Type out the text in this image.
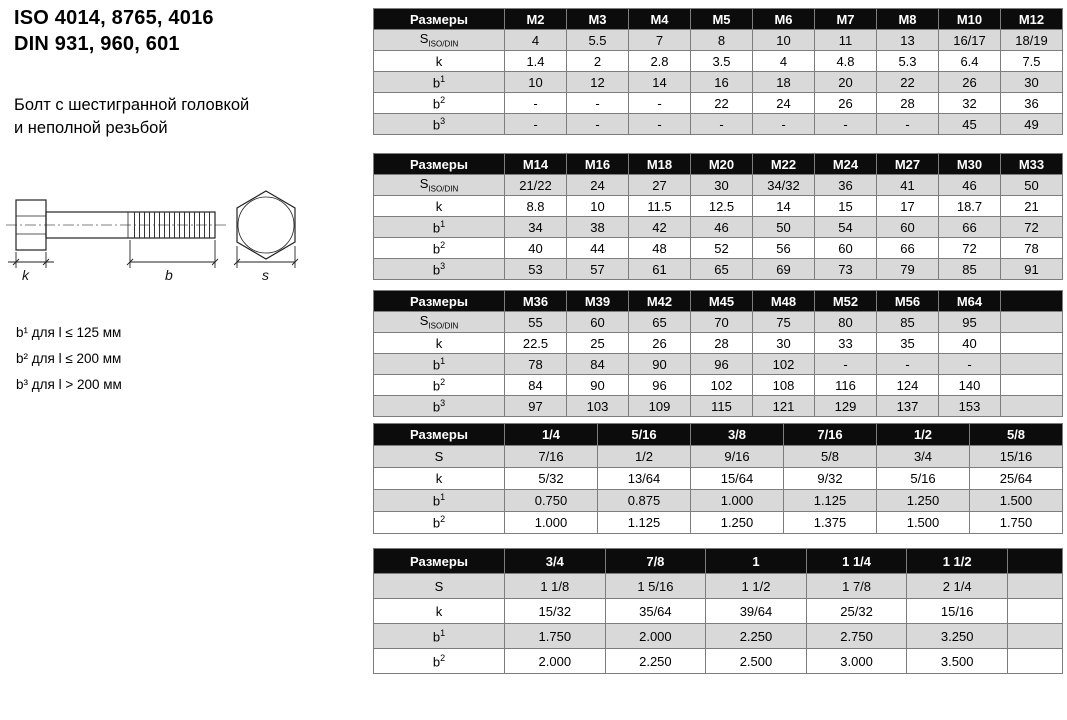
ISO 4014, 8765, 4016
DIN 931, 960, 601
Болт с шестигранной головкой
и неполной резьбой
k	b	s
b¹ для l ≤ 125 мм
b² для l ≤ 200 мм
b³ для l > 200 мм
Размеры	M2	M3	M4	M5	M6	M7	M8	M10	M12
$S_{ISO/DIN}$	4	5.5	7	8	10	11	13	16/17	18/19
k	1.4	2	2.8	3.5	4	4.8	5.3	6.4	7.5
$b^1$	10	12	14	16	18	20	22	26	30
$b^2$	-	-	-	22	24	26	28	32	36
$b^3$	-	-	-	-	-	-	-	45	49
Размеры	M14	M16	M18	M20	M22	M24	M27	M30	M33
$S_{ISO/DIN}$	21/22	24	27	30	34/32	36	41	46	50
k	8.8	10	11.5	12.5	14	15	17	18.7	21
$b^1$	34	38	42	46	50	54	60	66	72
$b^2$	40	44	48	52	56	60	66	72	78
$b^3$	53	57	61	65	69	73	79	85	91
Размеры	M36	M39	M42	M45	M48	M52	M56	M64	
$S_{ISO/DIN}$	55	60	65	70	75	80	85	95	
k	22.5	25	26	28	30	33	35	40	
$b^1$	78	84	90	96	102	-	-	-	
$b^2$	84	90	96	102	108	116	124	140	
$b^3$	97	103	109	115	121	129	137	153	
Размеры	1/4	5/16	3/8	7/16	1/2	5/8
S	7/16	1/2	9/16	5/8	3/4	15/16
k	5/32	13/64	15/64	9/32	5/16	25/64
$b^1$	0.750	0.875	1.000	1.125	1.250	1.500
$b^2$	1.000	1.125	1.250	1.375	1.500	1.750
Размеры	3/4	7/8	1	1 1/4	1 1/2	
S	1 1/8	1 5/16	1 1/2	1 7/8	2 1/4	
k	15/32	35/64	39/64	25/32	15/16	
$b^1$	1.750	2.000	2.250	2.750	3.250	
$b^2$	2.000	2.250	2.500	3.000	3.500	
